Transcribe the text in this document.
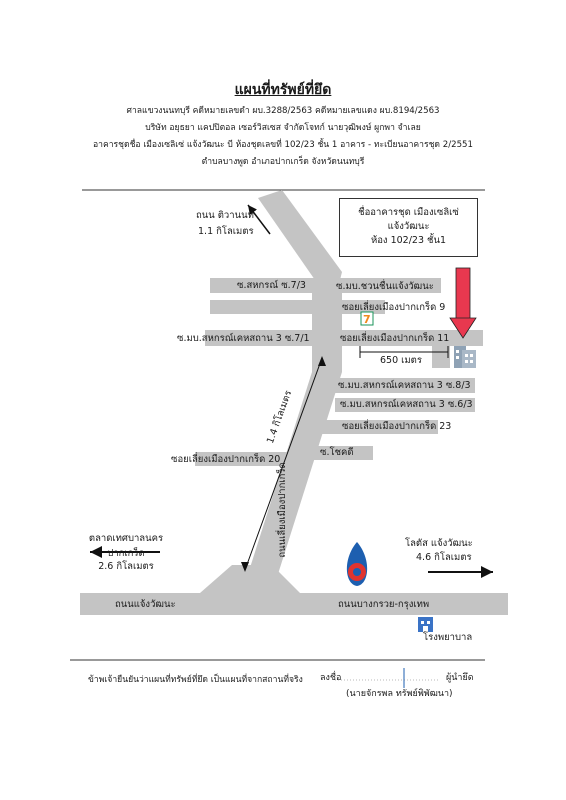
แผนที่ทรัพย์ที่ยึด
ศาลแขวงนนทบุรี คดีหมายเลขดำ ผบ.3288/2563 คดีหมายเลขแดง ผบ.8194/2563
บริษัท อยุธยา แคปปิตอล เซอร์วิสเซส จำกัดโจทก์ นายวุฒิพงษ์ ผูกพา จำเลย
อาคารชุดชื่อ เมืองเซลิเซ่ แจ้งวัฒนะ บี ห้องชุดเลขที่ 102/23 ชั้น 1 อาคาร - ทะเบียนอาคารชุด 2/2551
ตำบลบางพูด อำเภอปากเกร็ด จังหวัดนนทบุรี
7
ถนนเลี่ยงเมืองปากเกร็ด
1.4 กิโลเมตร
ชื่ออาคารชุด เมืองเซลิเซ่
แจ้งวัฒนะ
ห้อง 102/23 ชั้น1
ถนน ติวานนท์
1.1 กิโลเมตร
ซ.สหกรณ์ ซ.7/3	ซ.มบ.ชวนชื่นแจ้งวัฒนะ
ซอยเลี่ยงเมืองปากเกร็ด 9
ซ.มบ.สหกรณ์เคหสถาน 3 ซ.7/1	ซอยเลี่ยงเมืองปากเกร็ด 11
650 เมตร
ซ.มบ.สหกรณ์เคหสถาน 3 ซ.8/3
ซ.มบ.สหกรณ์เคหสถาน 3 ซ.6/3
ซอยเลี่ยงเมืองปากเกร็ด 23
ซ.โชคดี
ซอยเลี่ยงเมืองปากเกร็ด 20
ตลาดเทศบาลนคร
ปากเกร็ด
2.6 กิโลเมตร
โลตัส แจ้งวัฒนะ
4.6 กิโลเมตร
ถนนแจ้งวัฒนะ	ถนนบางกรวย-กรุงเทพ
โรงพยาบาล
ข้าพเจ้ายืนยันว่าแผนที่ทรัพย์ที่ยึด เป็นแผนที่จากสถานที่จริง ลงชื่อ	ผู้นำยึด
(นายจักรพล ทรัพย์พิพัฒนา)
